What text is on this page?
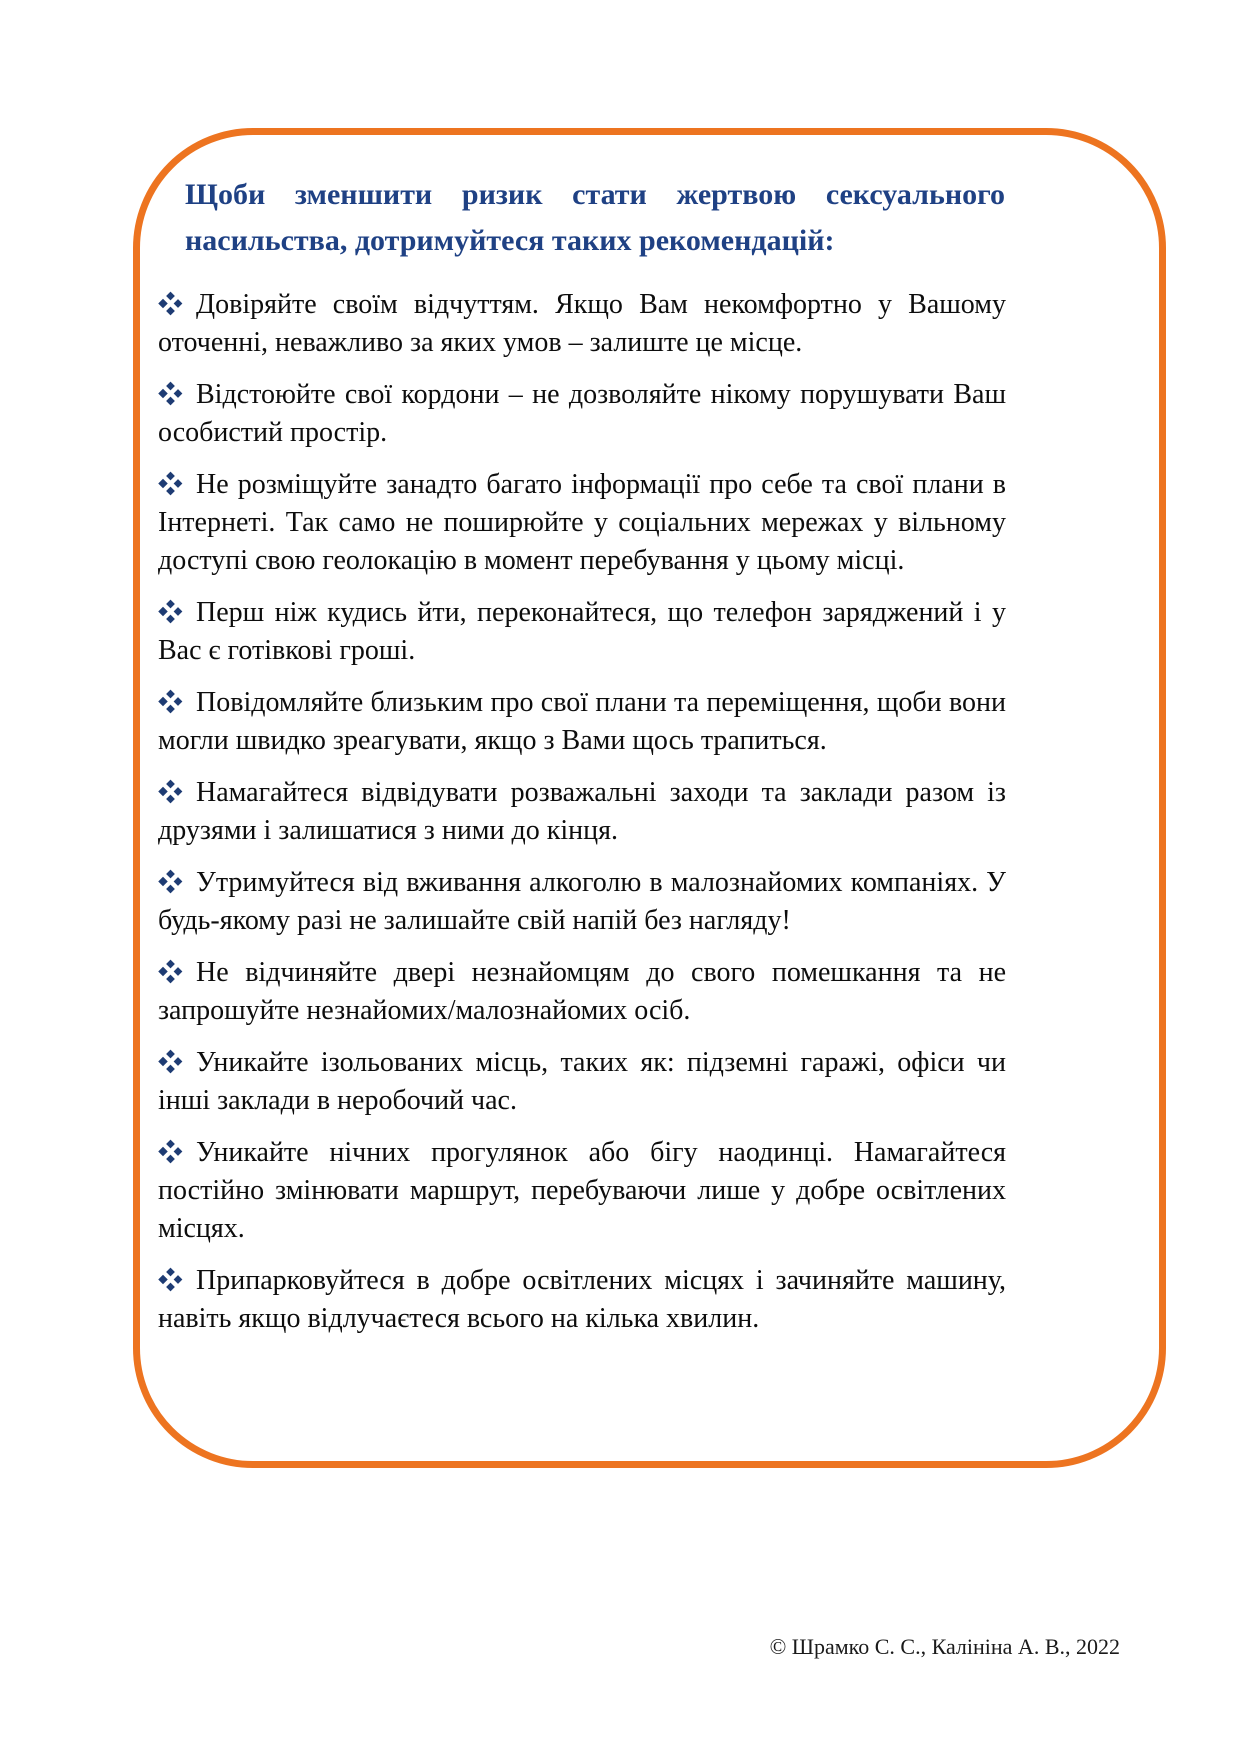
Щоби зменшити ризик стати жертвою сексуального насильства, дотримуйтеся таких рекомендацій:

Довіряйте своїм відчуттям. Якщо Вам некомфортно у Вашому оточенні, неважливо за яких умов – залиште це місце.

Відстоюйте свої кордони – не дозволяйте нікому порушувати Ваш особистий простір.

Не розміщуйте занадто багато інформації про себе та свої плани в Інтернеті. Так само не поширюйте у соціальних мережах у вільному доступі свою геолокацію в момент перебування у цьому місці.

Перш ніж кудись йти, переконайтеся, що телефон заряджений і у Вас є готівкові гроші.

Повідомляйте близьким про свої плани та переміщення, щоби вони могли швидко зреагувати, якщо з Вами щось трапиться.

Намагайтеся відвідувати розважальні заходи та заклади разом із друзями і залишатися з ними до кінця.

Утримуйтеся від вживання алкоголю в малознайомих компаніях. У будь-якому разі не залишайте свій напій без нагляду!

Не відчиняйте двері незнайомцям до свого помешкання та не запрошуйте незнайомих/малознайомих осіб.

Уникайте ізольованих місць, таких як: підземні гаражі, офіси чи інші заклади в неробочий час.

Уникайте нічних прогулянок або бігу наодинці. Намагайтеся постійно змінювати маршрут, перебуваючи лише у добре освітлених місцях.

Припарковуйтеся в добре освітлених місцях і зачиняйте машину, навіть якщо відлучаєтеся всього на кілька хвилин.

© Шрамко С. С., Калініна А. В., 2022
